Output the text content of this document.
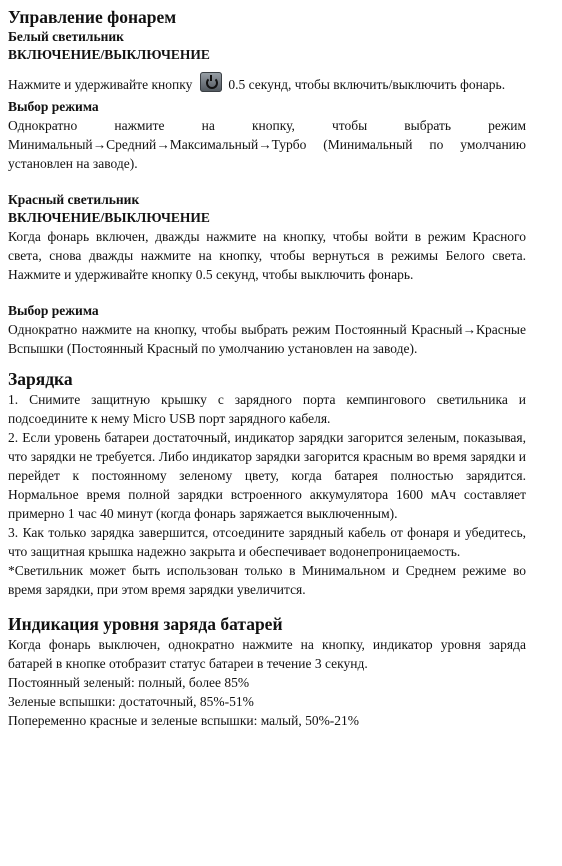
Управление фонарем
Белый светильник
ВКЛЮЧЕНИЕ/ВЫКЛЮЧЕНИЕ
Нажмите и удерживайте кнопку	0.5 секунд, чтобы включить/выключить фонарь.
Выбор режима
Однократно нажмите на кнопку, чтобы выбрать режим Минимальный→Средний→Максимальный→Турбо (Минимальный по умолчанию установлен на заводе).
Красный светильник
ВКЛЮЧЕНИЕ/ВЫКЛЮЧЕНИЕ
Когда фонарь включен, дважды нажмите на кнопку, чтобы войти в режим Красного света, снова дважды нажмите на кнопку, чтобы вернуться в режимы Белого света. Нажмите и удерживайте кнопку 0.5 секунд, чтобы выключить фонарь.
Выбор режима
Однократно нажмите на кнопку, чтобы выбрать режим Постоянный Красный→Красные Вспышки (Постоянный Красный по умолчанию установлен на заводе).
Зарядка
1. Снимите защитную крышку с зарядного порта кемпингового светильника и подсоедините к нему Micro USB порт зарядного кабеля.
2. Если уровень батареи достаточный, индикатор зарядки загорится зеленым, показывая, что зарядки не требуется. Либо индикатор зарядки загорится красным во время зарядки и перейдет к постоянному зеленому цвету, когда батарея полностью зарядится. Нормальное время полной зарядки встроенного аккумулятора 1600 мАч составляет примерно 1 час 40 минут (когда фонарь заряжается выключенным).
3. Как только зарядка завершится, отсоедините зарядный кабель от фонаря и убедитесь, что защитная крышка надежно закрыта и обеспечивает водонепроницаемость.
*Светильник может быть использован только в Минимальном и Среднем режиме во время зарядки, при этом время зарядки увеличится.
Индикация уровня заряда батарей
Когда фонарь выключен, однократно нажмите на кнопку, индикатор уровня заряда батарей в кнопке отобразит статус батареи в течение 3 секунд.
Постоянный зеленый: полный, более 85%
Зеленые вспышки: достаточный, 85%-51%
Попеременно красные и зеленые вспышки: малый, 50%-21%
